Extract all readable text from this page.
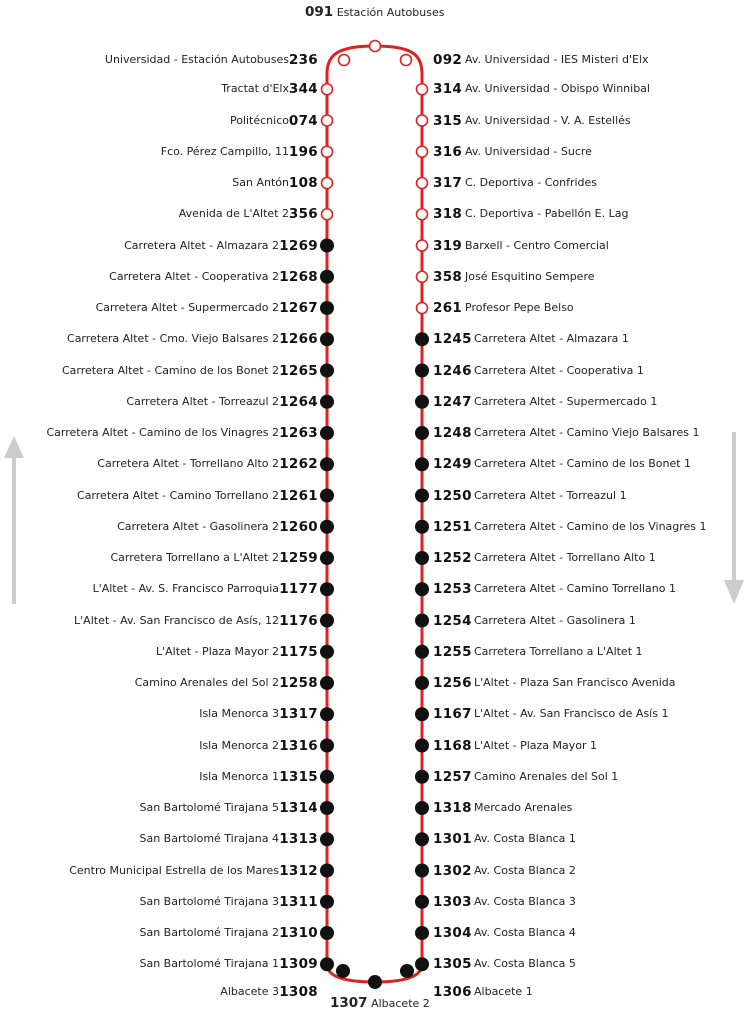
236
Universidad - Estación Autobuses
344
Tractat d'Elx
074
Politécnico
196
Fco. Pérez Campillo, 11
108
San Antón
356
Avenida de L'Altet 2
1269
Carretera Altet - Almazara 2
1268
Carretera Altet - Cooperativa 2
1267
Carretera Altet - Supermercado 2
1266
Carretera Altet - Cmo. Viejo Balsares 2
1265
Carretera Altet - Camino de los Bonet 2
1264
Carretera Altet - Torreazul 2
1263
Carretera Altet - Camino de los Vinagres 2
1262
Carretera Altet - Torrellano Alto 2
1261
Carretera Altet - Camino Torrellano 2
1260
Carretera Altet - Gasolinera 2
1259
Carretera Torrellano a L'Altet 2
1177
L'Altet - Av. S. Francisco Parroquia
1176
L'Altet - Av. San Francisco de Asís, 12
1175
L'Altet - Plaza Mayor 2
1258
Camino Arenales del Sol 2
1317
Isla Menorca 3
1316
Isla Menorca 2
1315
Isla Menorca 1
1314
San Bartolomé Tirajana 5
1313
San Bartolomé Tirajana 4
1312
Centro Municipal Estrella de los Mares
1311
San Bartolomé Tirajana 3
1310
San Bartolomé Tirajana 2
1309
San Bartolomé Tirajana 1
1308
Albacete 3
092 Av. Universidad - IES Misteri d'Elx
314 Av. Universidad - Obispo Winnibal
315 Av. Universidad - V. A. Estellés
316 Av. Universidad - Sucre
317 C. Deportiva - Confrides
318 C. Deportiva - Pabellón E. Lag
319 Barxell - Centro Comercial
358 José Esquitino Sempere
261 Profesor Pepe Belso
1245 Carretera Altet - Almazara 1
1246 Carretera Altet - Cooperativa 1
1247 Carretera Altet - Supermercado 1
1248 Carretera Altet - Camino Viejo Balsares 1
1249 Carretera Altet - Camino de los Bonet 1
1250 Carretera Altet - Torreazul 1
1251 Carretera Altet - Camino de los Vinagres 1
1252 Carretera Altet - Torrellano Alto 1
1253 Carretera Altet - Camino Torrellano 1
1254 Carretera Altet - Gasolinera 1
1255 Carretera Torrellano a L'Altet 1
1256 L'Altet - Plaza San Francisco Avenida
1167 L'Altet - Av. San Francisco de Asís 1
1168 L'Altet - Plaza Mayor 1
1257 Camino Arenales del Sol 1
1318 Mercado Arenales
1301 Av. Costa Blanca 1
1302 Av. Costa Blanca 2
1303 Av. Costa Blanca 3
1304 Av. Costa Blanca 4
1305 Av. Costa Blanca 5
1306 Albacete 1
091 Estación Autobuses
1307 Albacete 2
